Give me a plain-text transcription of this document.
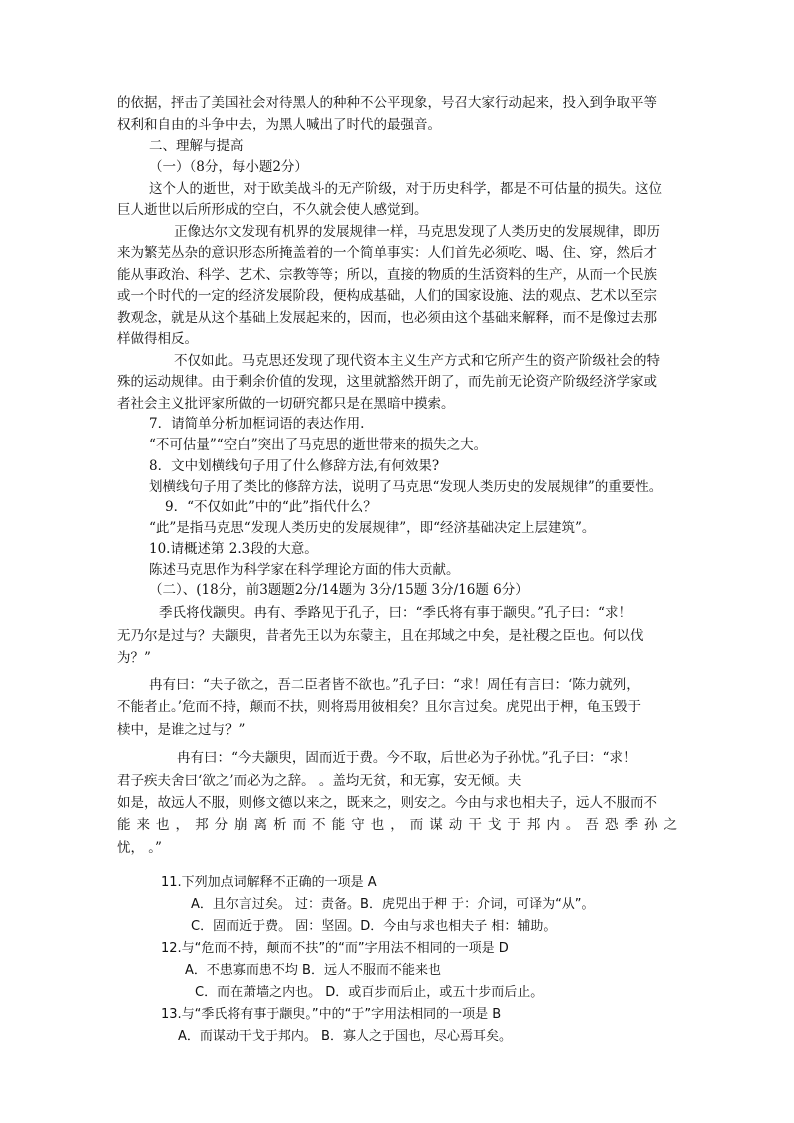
的依据，抨击了美国社会对待黑人的种种不公平现象，号召大家行动起来，投入到争取平等
权利和自由的斗争中去，为黑人喊出了时代的最强音。
二、理解与提高
（一）（8分，每小题2分）
这个人的逝世，对于欧美战斗的无产阶级，对于历史科学，都是不可估量的损失。这位
巨人逝世以后所形成的空白，不久就会使人感觉到。
正像达尔文发现有机界的发展规律一样，马克思发现了人类历史的发展规律，即历
来为繁芜丛杂的意识形态所掩盖着的一个简单事实：人们首先必须吃、喝、住、穿，然后才
能从事政治、科学、艺术、宗教等等；所以，直接的物质的生活资料的生产，从而一个民族
或一个时代的一定的经济发展阶段，便构成基础，人们的国家设施、法的观点、艺术以至宗
教观念，就是从这个基础上发展起来的，因而，也必须由这个基础来解释，而不是像过去那
样做得相反。
不仅如此。马克思还发现了现代资本主义生产方式和它所产生的资产阶级社会的特
殊的运动规律。由于剩余价值的发现，这里就豁然开朗了，而先前无论资产阶级经济学家或
者社会主义批评家所做的一切研究都只是在黑暗中摸索。
7．请简单分析加框词语的表达作用.
“不可估量”“空白”突出了马克思的逝世带来的损失之大。
8．文中划横线句子用了什么修辞方法,有何效果?
划横线句子用了类比的修辞方法，说明了马克思“发现人类历史的发展规律”的重要性。
9．“不仅如此”中的“此”指代什么？
“此”是指马克思“发现人类历史的发展规律”，即“经济基础决定上层建筑”。
10.请概述第 2.3段的大意。
陈述马克思作为科学家在科学理论方面的伟大贡献。
（二）、(18分，前3题题2分/14题为 3分/15题 3分/16题 6分）
季氏将伐颛臾。冉有、季路见于孔子，曰：“季氏将有事于颛臾。”孔子曰：“求！
无乃尔是过与？夫颛臾，昔者先王以为东蒙主，且在邦域之中矣，是社稷之臣也。何以伐
为？”
冉有曰：“夫子欲之，吾二臣者皆不欲也。”孔子曰：“求！周任有言曰：‘陈力就列，
不能者止。’危而不持，颠而不扶，则将焉用彼相矣？且尔言过矣。虎兕出于柙，龟玉毁于
椟中，是谁之过与？”
冉有曰：“今夫颛臾，固而近于费。今不取，后世必为子孙忧。”孔子曰：“求！
君子疾夫舍曰‘欲之’而必为之辞。 。盖均无贫，和无寡，安无倾。夫
如是，故远人不服，则修文德以来之，既来之，则安之。今由与求也相夫子，远人不服而不
能来也，邦分崩离析而不能守也，而谋动干戈于邦内。吾恐季孙之
忧， 。”
11.下列加点词解释不正确的一项是 A
A．且尔言过矣。 过：责备。B．虎兕出于柙 于：介词，可译为“从”。
C．固而近于费。 固：坚固。D．今由与求也相夫子 相：辅助。
12.与“危而不持，颠而不扶”的“而”字用法不相同的一项是 D
A．不患寡而患不均 B．远人不服而不能来也
C．而在萧墙之内也。 D．或百步而后止，或五十步而后止。
13.与“季氏将有事于颛臾。”中的“于”字用法相同的一项是 B
A．而谋动干戈于邦内。 B．寡人之于国也，尽心焉耳矣。
